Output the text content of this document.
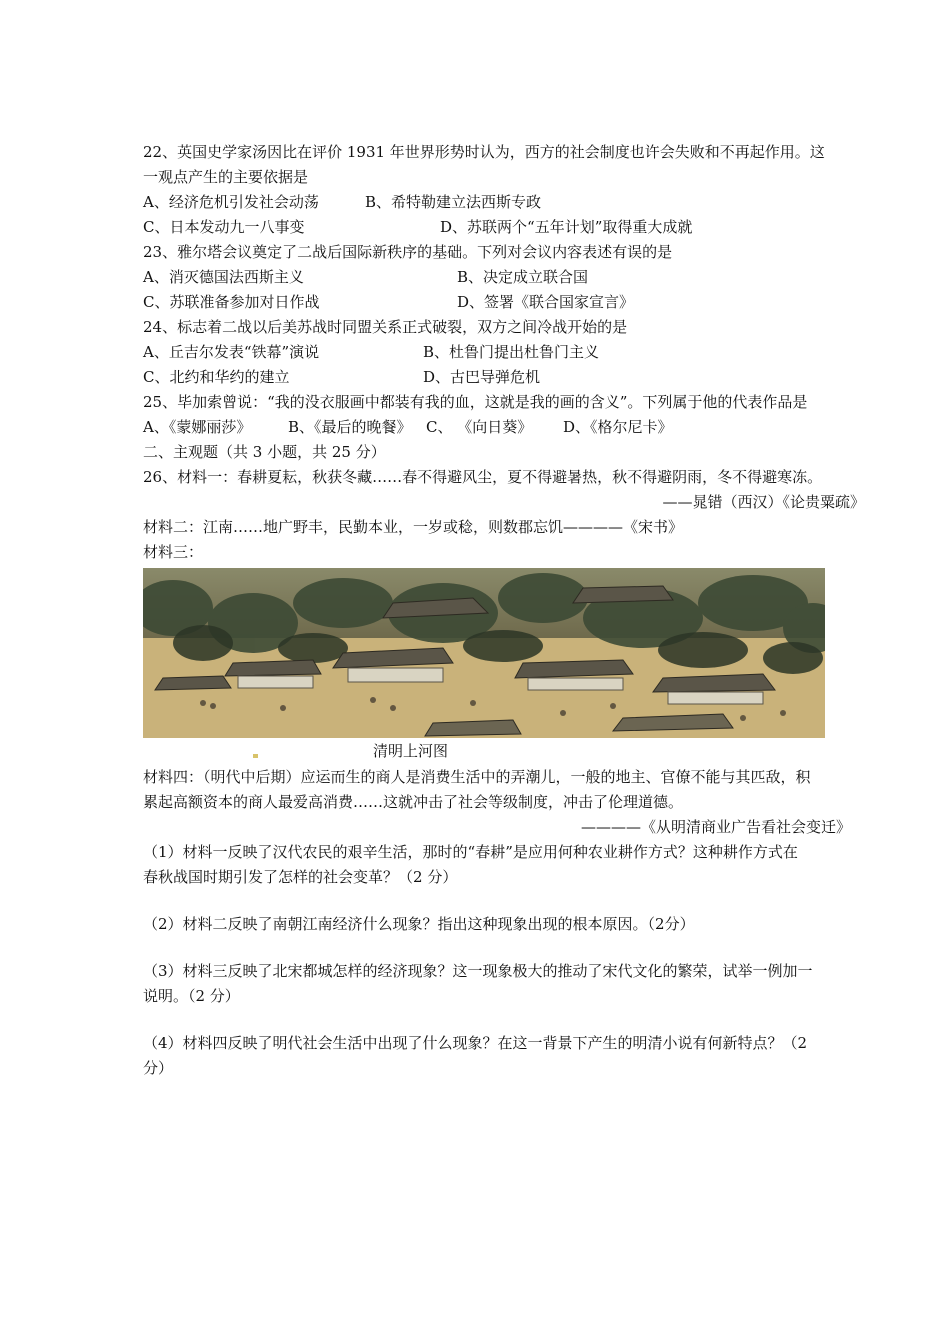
22、英国史学家汤因比在评价 1931 年世界形势时认为，西方的社会制度也许会失败和不再起作用。这
一观点产生的主要依据是
A、经济危机引发社会动荡	B、希特勒建立法西斯专政
C、日本发动九一八事变	D、苏联两个“五年计划”取得重大成就
23、雅尔塔会议奠定了二战后国际新秩序的基础。下列对会议内容表述有误的是
A、消灭德国法西斯主义	B、决定成立联合国
C、苏联准备参加对日作战	D、签署《联合国家宣言》
24、标志着二战以后美苏战时同盟关系正式破裂，双方之间冷战开始的是
A、丘吉尔发表“铁幕”演说	B、杜鲁门提出杜鲁门主义
C、北约和华约的建立	D、古巴导弹危机
25、毕加索曾说：“我的没衣服画中都装有我的血，这就是我的画的含义”。下列属于他的代表作品是
A、《蒙娜丽莎》 B、《最后的晚餐》 C、 《向日葵》 D、《格尔尼卡》
二、主观题（共 3 小题，共 25 分）
26、材料一：春耕夏耘，秋获冬藏……春不得避风尘，夏不得避暑热，秋不得避阴雨，冬不得避寒冻。
——晁错（西汉）《论贵粟疏》
材料二：江南……地广野丰，民勤本业，一岁或稔，则数郡忘饥————《宋书》
材料三：
清明上河图
材料四：（明代中后期）应运而生的商人是消费生活中的弄潮儿，一般的地主、官僚不能与其匹敌，积
累起高额资本的商人最爱高消费……这就冲击了社会等级制度，冲击了伦理道德。
————《从明清商业广告看社会变迁》
（1）材料一反映了汉代农民的艰辛生活，那时的“春耕”是应用何种农业耕作方式？这种耕作方式在
春秋战国时期引发了怎样的社会变革？（2 分）
（2）材料二反映了南朝江南经济什么现象？指出这种现象出现的根本原因。（2分）
（3）材料三反映了北宋都城怎样的经济现象？这一现象极大的推动了宋代文化的繁荣，试举一例加一
说明。（2 分）
（4）材料四反映了明代社会生活中出现了什么现象？在这一背景下产生的明清小说有何新特点？（2
分）
